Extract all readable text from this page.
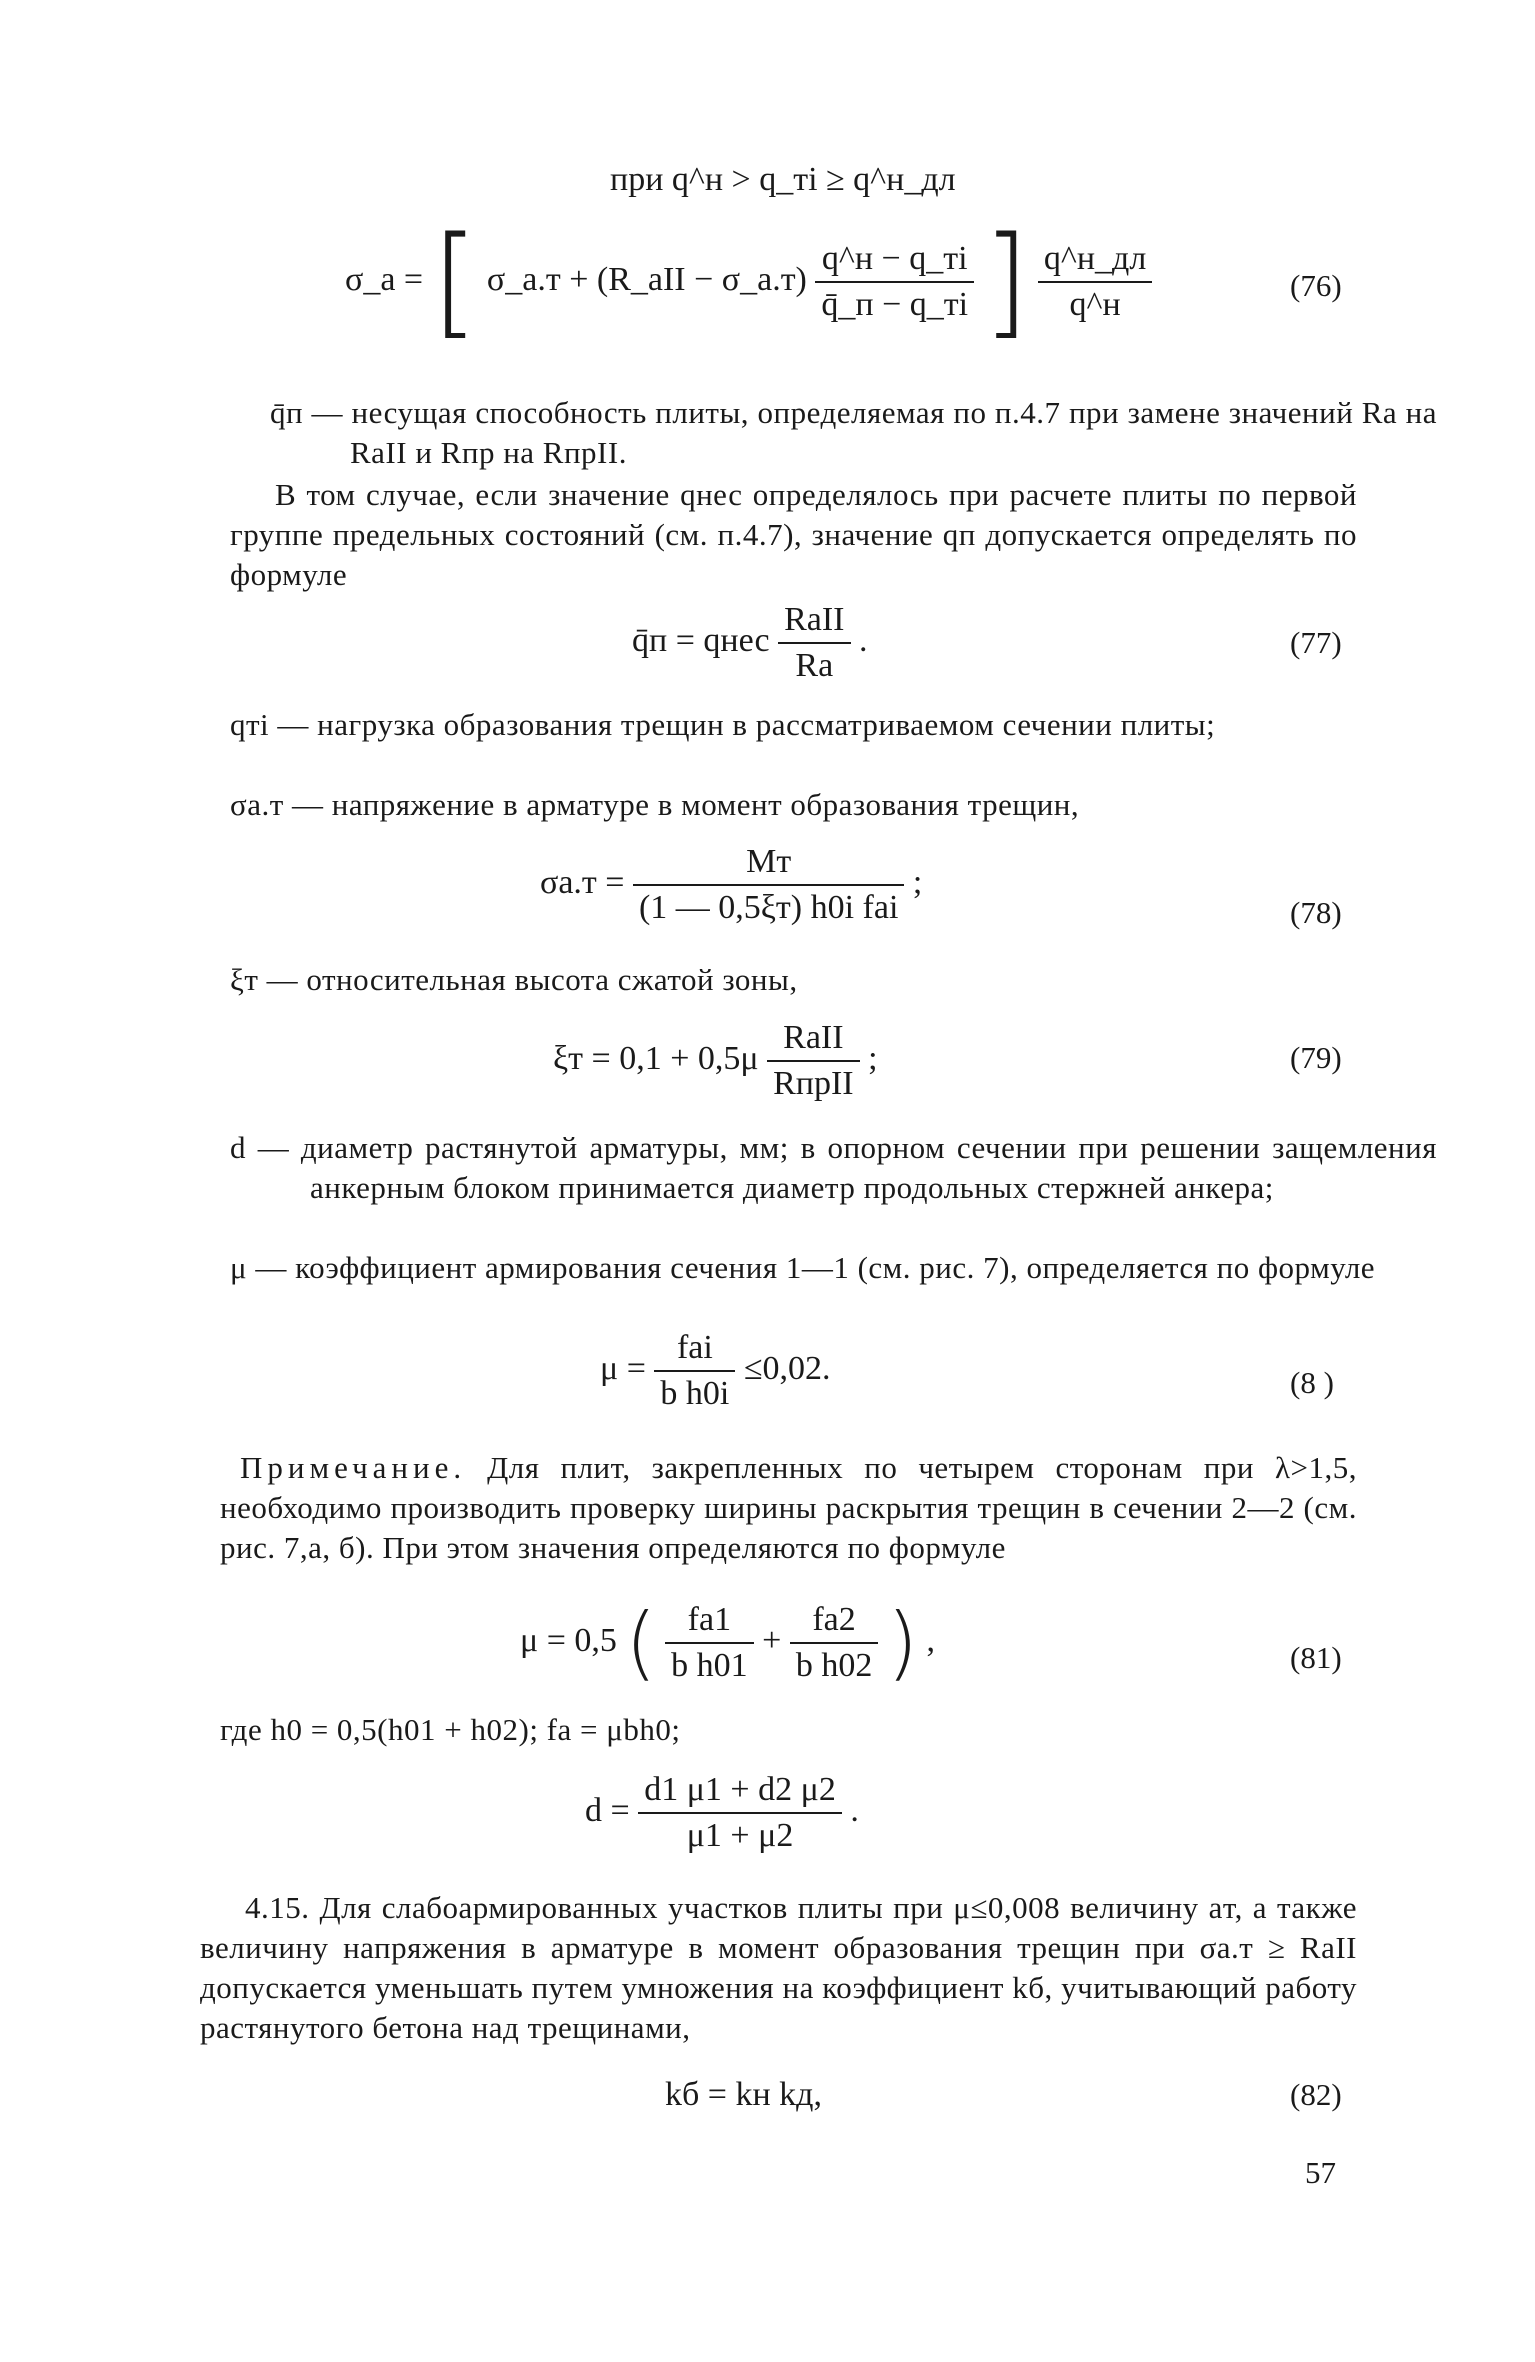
при q^н > q_тi ≥ q^н_дл
σ_а = [ σ_а.т + (R_аII − σ_а.т) $\frac{q\^{}н - q\_тi}{q̄\_п - q\_тi}$ ] $\frac{q\^{}н\_дл}{q\^{}н}$	(76)
q̄п — несущая способность плиты, определяемая по п.4.7 при замене значений Rа на RаII и Rпр на RпрII.
В том случае, если значение qнес определялось при расчете плиты по первой группе предельных состояний (см. п.4.7), значение qп допускается определять по формуле
q̄п = qнес $\frac{\text{RаII}}{Rа}$ .	(77)
qтi — нагрузка образования трещин в рассматриваемом сечении плиты;
σа.т — напряжение в арматуре в момент образования трещин,
$\sigma а.т = \frac{Mт}{\text{(1 — 0,5ξт) h0i fаi}}$ ;
(78)
ξт — относительная высота сжатой зоны,
$\xi т = 0,1 + 0,5\mu \frac{\text{RаII}}{\text{RпрII}}$ ;	(79)
d — диаметр растянутой арматуры, мм; в опорном сечении при решении защемления анкерным блоком принимается диаметр продольных стержней анкера;
μ — коэффициент армирования сечения 1—1 (см. рис. 7), определяется по формуле
$\mu = \frac{\text{fаi}}{\text{b h0i}} \le 0,02$.	(8 )
Примечание. Для плит, закрепленных по четырем сторонам при λ>1,5, необходимо производить проверку ширины раскрытия трещин в сечении 2—2 (см. рис. 7,а, б). При этом значения определяются по формуле
μ = 0,5 ( $\frac{fа1}{\text{b h01}} + \frac{fа2}{\text{b h02}}$ ) ,	(81)
где h0 = 0,5(h01 + h02); fа = μbh0;
$d = \frac{d1 \mu 1 + d2 \mu 2}{\mu 1 + \mu 2}$ .
4.15. Для слабоармированных участков плиты при μ≤0,008 величину aт, а также величину напряжения в арматуре в момент образования трещин при σа.т ≥ RаII допускается уменьшать путем умножения на коэффициент kб, учитывающий работу растянутого бетона над трещинами,
kб = kн kд,	(82)
57
